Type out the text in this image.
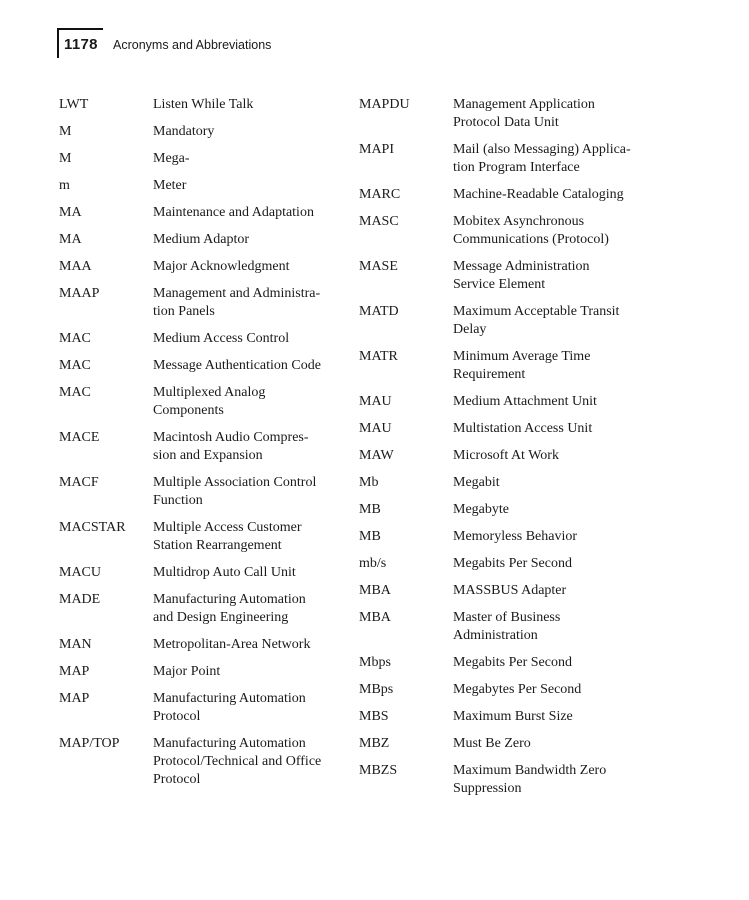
1178 Acronyms and Abbreviations
LWT	Listen While Talk
M	Mandatory
M	Mega-
m	Meter
MA	Maintenance and Adaptation
MA	Medium Adaptor
MAA	Major Acknowledgment
MAAP	Management and Administra-
tion Panels
MAC	Medium Access Control
MAC	Message Authentication Code
MAC	Multiplexed Analog
Components
MACE	Macintosh Audio Compres-
sion and Expansion
MACF	Multiple Association Control
Function
MACSTAR	Multiple Access Customer
Station Rearrangement
MACU	Multidrop Auto Call Unit
MADE	Manufacturing Automation
and Design Engineering
MAN	Metropolitan-Area Network
MAP	Major Point
MAP	Manufacturing Automation
Protocol
MAP/TOP	Manufacturing Automation
Protocol/Technical and Office
Protocol
MAPDU	Management Application
Protocol Data Unit
MAPI	Mail (also Messaging) Applica-
tion Program Interface
MARC	Machine-Readable Cataloging
MASC	Mobitex Asynchronous
Communications (Protocol)
MASE	Message Administration
Service Element
MATD	Maximum Acceptable Transit
Delay
MATR	Minimum Average Time
Requirement
MAU	Medium Attachment Unit
MAU	Multistation Access Unit
MAW	Microsoft At Work
Mb	Megabit
MB	Megabyte
MB	Memoryless Behavior
mb/s	Megabits Per Second
MBA	MASSBUS Adapter
MBA	Master of Business
Administration
Mbps	Megabits Per Second
MBps	Megabytes Per Second
MBS	Maximum Burst Size
MBZ	Must Be Zero
MBZS	Maximum Bandwidth Zero
Suppression
